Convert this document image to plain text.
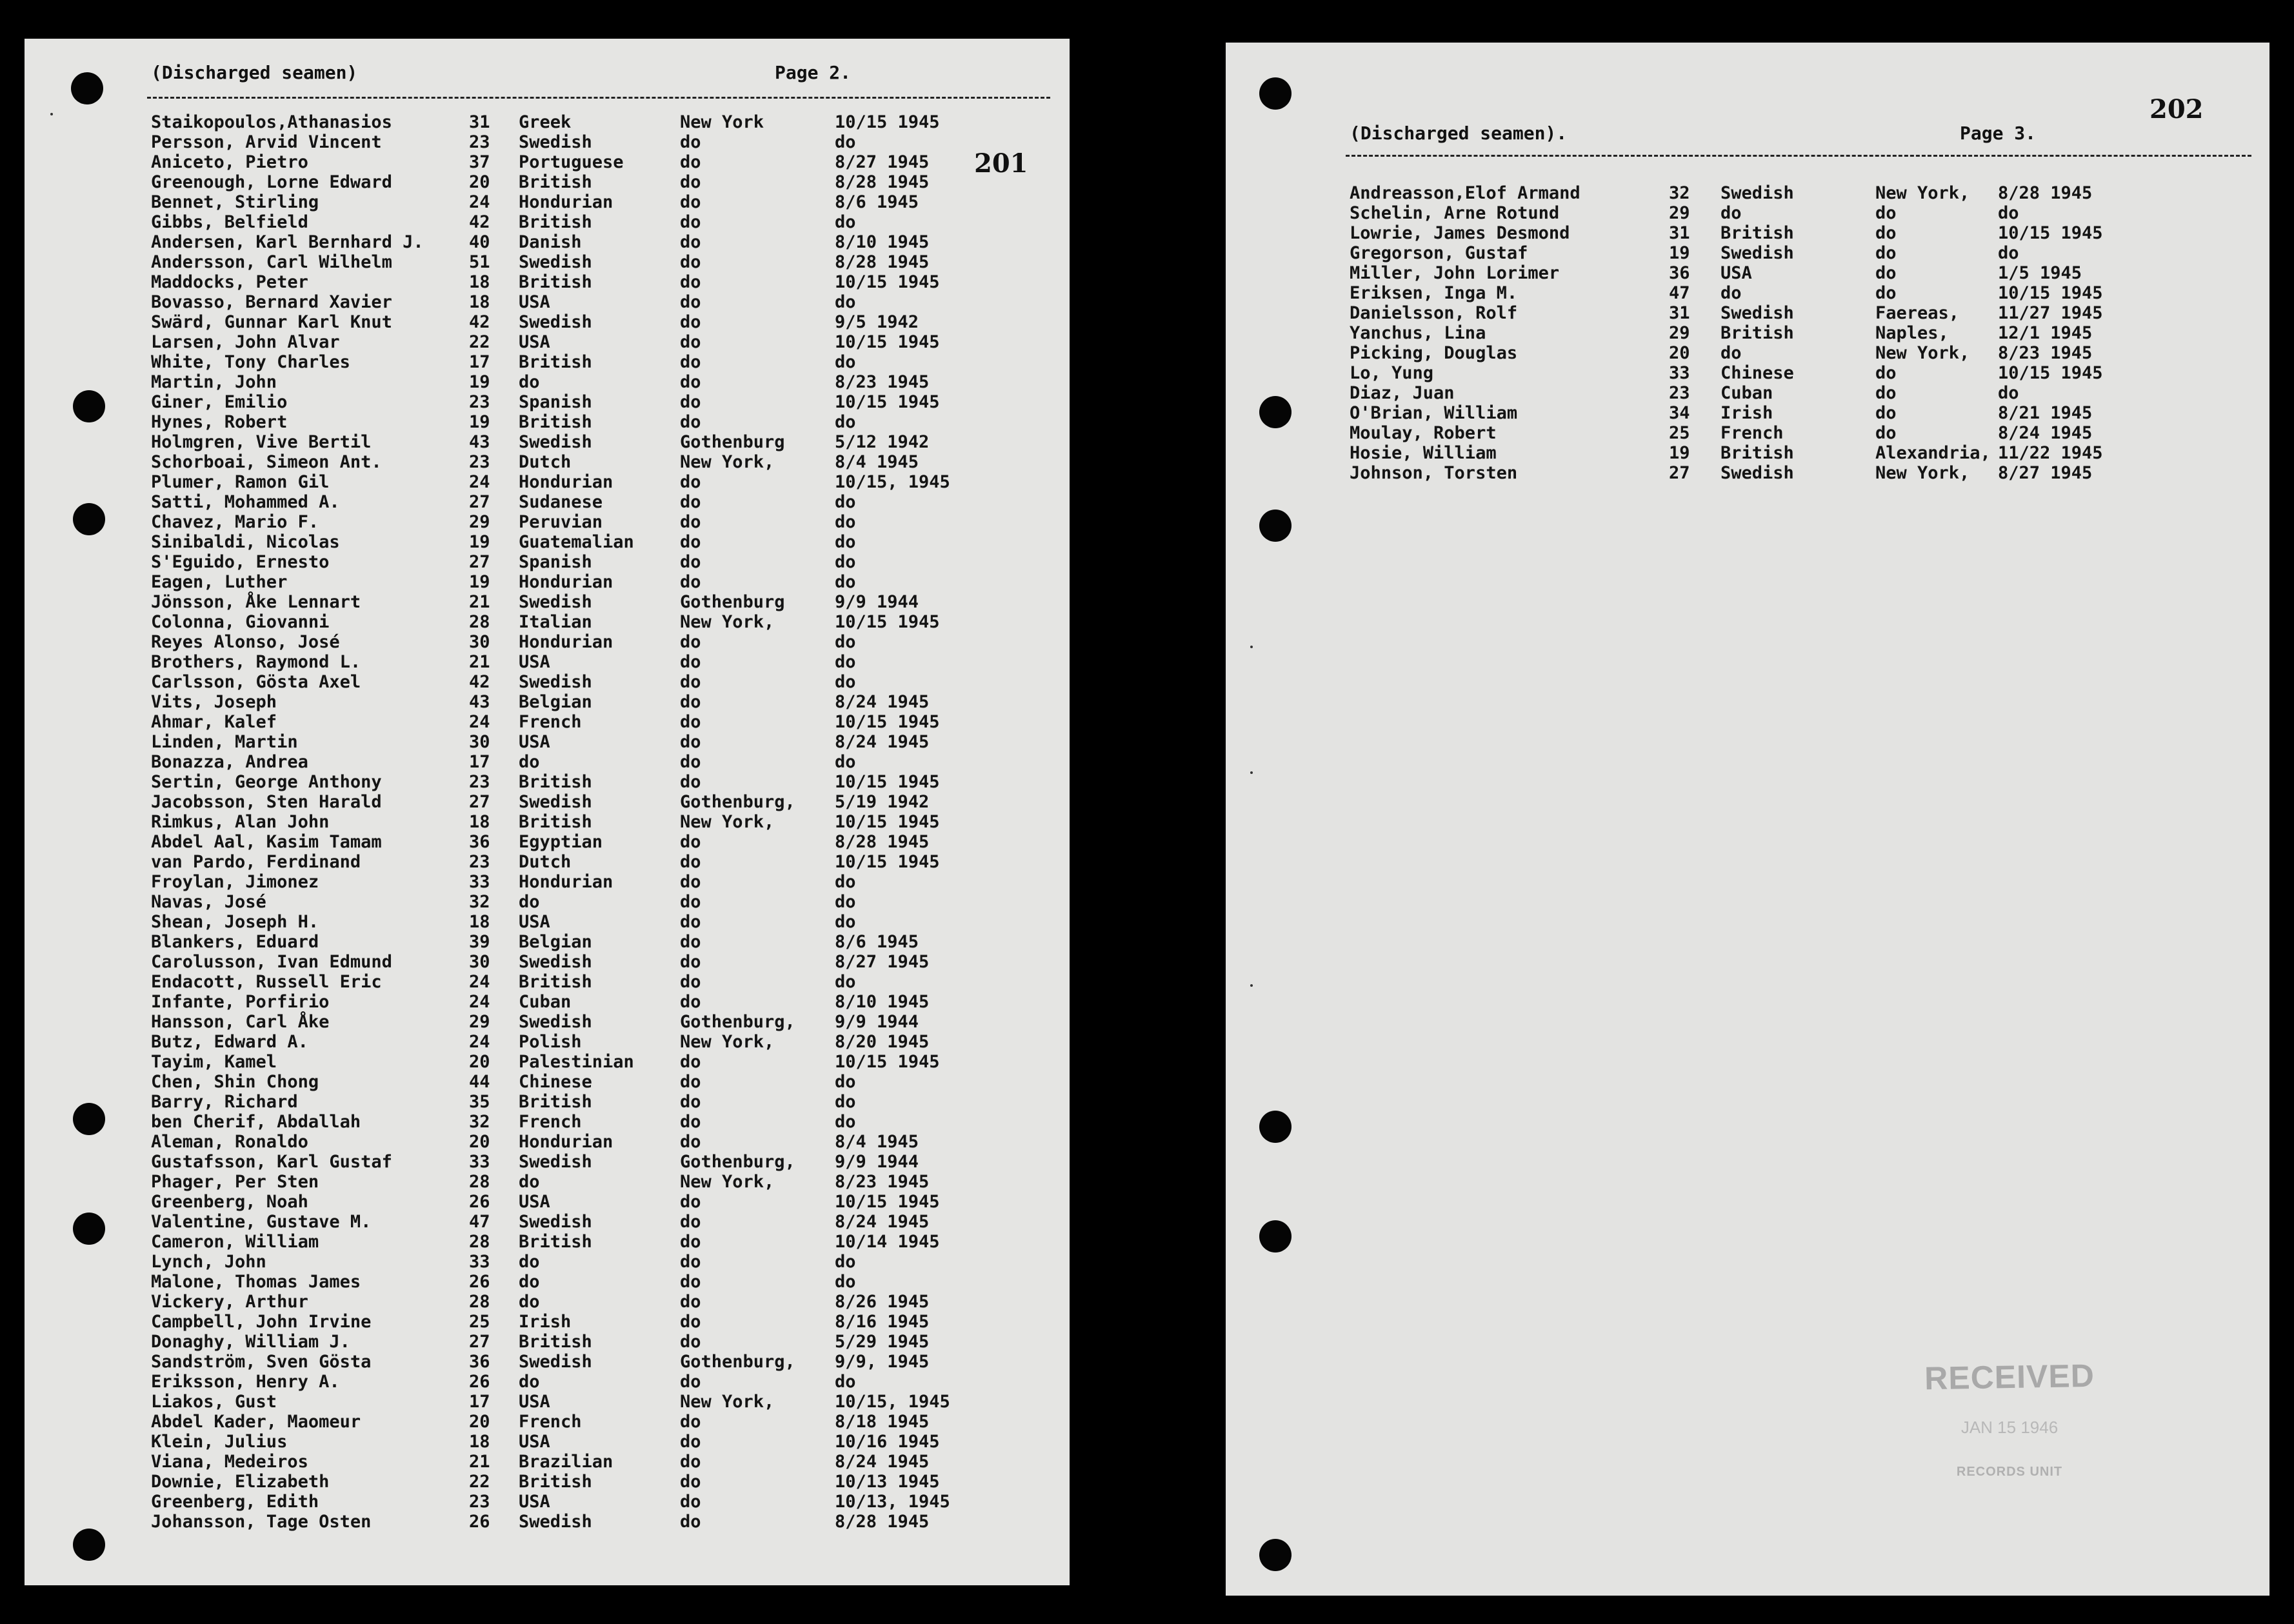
(Discharged seamen)	Page 2.
201
Staikopoulos,Athanasios	31 Greek	New York	10/15 1945
Persson, Arvid Vincent	23 Swedish	do	do
Aniceto, Pietro	37 Portuguese	do	8/27 1945
Greenough, Lorne Edward	20 British	do	8/28 1945
Bennet, Stirling	24 Hondurian	do	8/6 1945
Gibbs, Belfield	42 British	do	do
Andersen, Karl Bernhard J.	40 Danish	do	8/10 1945
Andersson, Carl Wilhelm	51 Swedish	do	8/28 1945
Maddocks, Peter	18 British	do	10/15 1945
Bovasso, Bernard Xavier	18 USA	do	do
Swärd, Gunnar Karl Knut	42 Swedish	do	9/5 1942
Larsen, John Alvar	22 USA	do	10/15 1945
White, Tony Charles	17 British	do	do
Martin, John	19 do	do	8/23 1945
Giner, Emilio	23 Spanish	do	10/15 1945
Hynes, Robert	19 British	do	do
Holmgren, Vive Bertil	43 Swedish	Gothenburg	5/12 1942
Schorboai, Simeon Ant.	23 Dutch	New York,	8/4 1945
Plumer, Ramon Gil	24 Hondurian	do	10/15, 1945
Satti, Mohammed A.	27 Sudanese	do	do
Chavez, Mario F.	29 Peruvian	do	do
Sinibaldi, Nicolas	19 Guatemalian	do	do
S'Eguido, Ernesto	27 Spanish	do	do
Eagen, Luther	19 Hondurian	do	do
Jönsson, Åke Lennart	21 Swedish	Gothenburg	9/9 1944
Colonna, Giovanni	28 Italian	New York,	10/15 1945
Reyes Alonso, José	30 Honduria​n	do	do
Brothers, Raymond L.	21 USA	do	do
Carlsson, Gösta Axel	42 Swedish	do	do
Vits, Joseph	43 Belgian	do	8/24 1945
Ahmar, Kalef	24 French	do	10/15 1945
Linden, Martin	30 USA	do	8/24 1945
Bonazza, Andrea	17 do	do	do
Sertin, George Anthony	23 British	do	10/15 1945
Jacobsson, Sten Harald	27 Swedish	Gothenburg, 5/19 1942
Rimkus, Alan John	18 British	New York,	10/15 1945
Abdel Aal, Kasim Tamam	36 Egyptian	do	8/28 1945
van Pardo, Ferdinand	23 Dutch	do	10/15 1945
Froylan, Jimonez	33 Hondurian	do	do
Navas, José	32 do	do	do
Shean, Joseph H.	18 USA	do	do
Blankers, Eduard	39 Belgian	do	8/6 1945
Carolusson, Ivan Edmund	30 Swedish	do	8/27 1945
Endacott, Russell Eric	24 British	do	do
Infante, Porfirio	24 Cuban	do	8/10 1945
Hansson, Carl Åke	29 Swedish	Gothenburg, 9/9 1944
Butz, Edward A.	24 Polish	New York,	8/20 1945
Tayim, Kamel	20 Palestinian	do	10/15 1945
Chen, Shin Chong	44 Chinese	do	do
Barry, Richard	35 British	do	do
ben Cherif, Abdallah	32 French	do	do
Aleman, Ronaldo	20 Hondurian	do	8/4 1945
Gustafsson, Karl Gustaf	33 Swedish	Gothenburg, 9/9 1944
Phager, Per Sten	28 do	New York,	8/23 1945
Greenberg, Noah	26 USA	do	10/15 1945
Valentine, Gustave M.	47 Swedish	do	8/24 1945
Cameron, William	28 British	do	10/14 1945
Lynch, John	33 do	do	do
Malone, Thomas James	26 do	do	do
Vickery, Arthur	28 do	do	8/26 1945
Campbell, John Irvine	25 Irish	do	8/16 1945
Donaghy, William J.	27 British	do	5/29 1945
Sandström, Sven Gösta	36 Swedish	Gothenburg, 9/9, 1945
Eriksson, Henry A.	26 do	do	do
Liakos, Gust	17 USA	New York,	10/15, 1945
Abdel Kader, Maomeur	20 French	do	8/18 1945
Klein, Julius	18 USA	do	10/16 1945
Viana, Medeiros	21 Brazilian	do	8/24 1945
Downie, Elizabeth	22 British	do	10/13 1945
Greenberg, Edith	23 USA	do	10/13, 1945
Johansson, Tage Osten	26 Swedish	do	8/28 1945
202
(Discharged seamen).	Page 3.
Andreasson,Elof Armand	32 Swedish	New York, 8/28 1945
Schelin, Arne Rotund	29 do	do	do
Lowrie, James Desmond	31 British	do	10/15 1945
Gregorson, Gustaf	19 Swedish	do	do
Miller, John Lorimer	36 USA	do	1/5 1945
Eriksen, Inga M.	47 do	do	10/15 1945
Danielsson, Rolf	31 Swedish	Faereas, 11/27 1945
Yanchus, Lina	29 British	Naples,	12/1 1945
Picking, Douglas	20 do	New York, 8/23 1945
Lo, Yung	33 Chinese	do	10/15 1945
Diaz, Juan	23 Cuban	do	do
O'Brian, William	34 Irish	do	8/21 1945
Moulay, Robert	25 French	do	8/24 1945
Hosie, William	19 British	Alexandria, 11/22 1945
Johnson, Torsten	27 Swedish	New York, 8/27 1945
RECEIVED
JAN 15 1946
RECORDS UNIT
